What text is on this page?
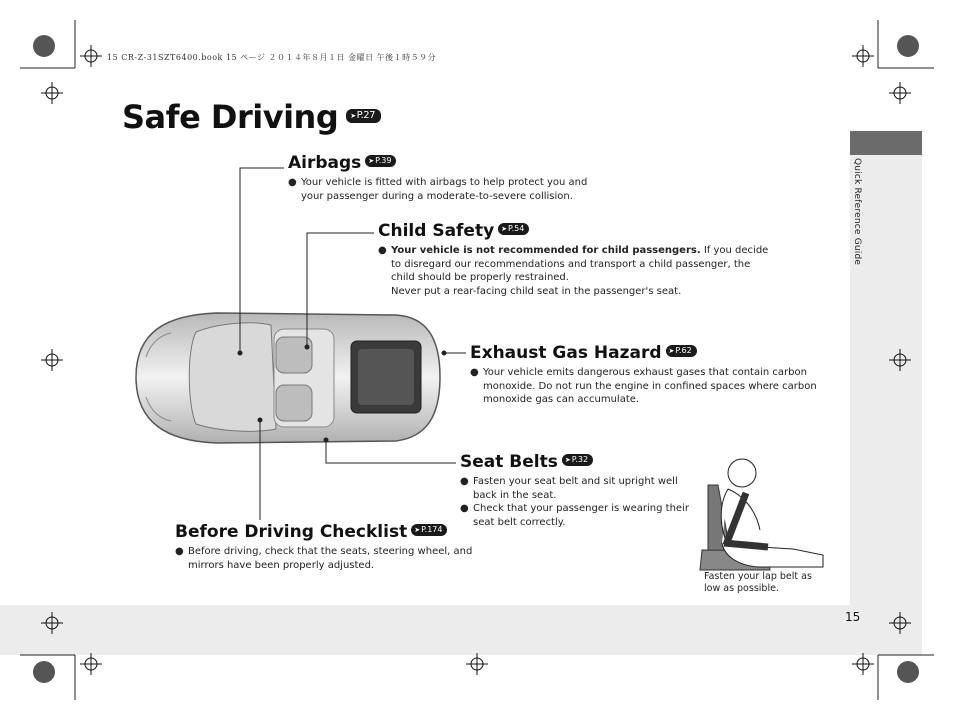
Quick Reference Guide
15 CR-Z-31SZT6400.book 15 ページ ２０１４年８月１日 金曜日 午後１時５９分
Safe Driving ➤P.27
Airbags ➤P.39

● Your vehicle is fitted with airbags to help protect you and your passenger during a moderate-to-severe collision.

Child Safety ➤P.54

● Your vehicle is not recommended for child passengers. If you decide to disregard our recommendations and transport a child passenger, the child should be properly restrained.
Never put a rear-facing child seat in the passenger's seat.

Exhaust Gas Hazard ➤P.62

● Your vehicle emits dangerous exhaust gases that contain carbon monoxide. Do not run the engine in confined spaces where carbon monoxide gas can accumulate.

Seat Belts ➤P.32

● Fasten your seat belt and sit upright well back in the seat.

● Check that your passenger is wearing their seat belt correctly.

Fasten your lap belt as low as possible.
Before Driving Checklist ➤P.174

● Before driving, check that the seats, steering wheel, and mirrors have been properly adjusted.

15
